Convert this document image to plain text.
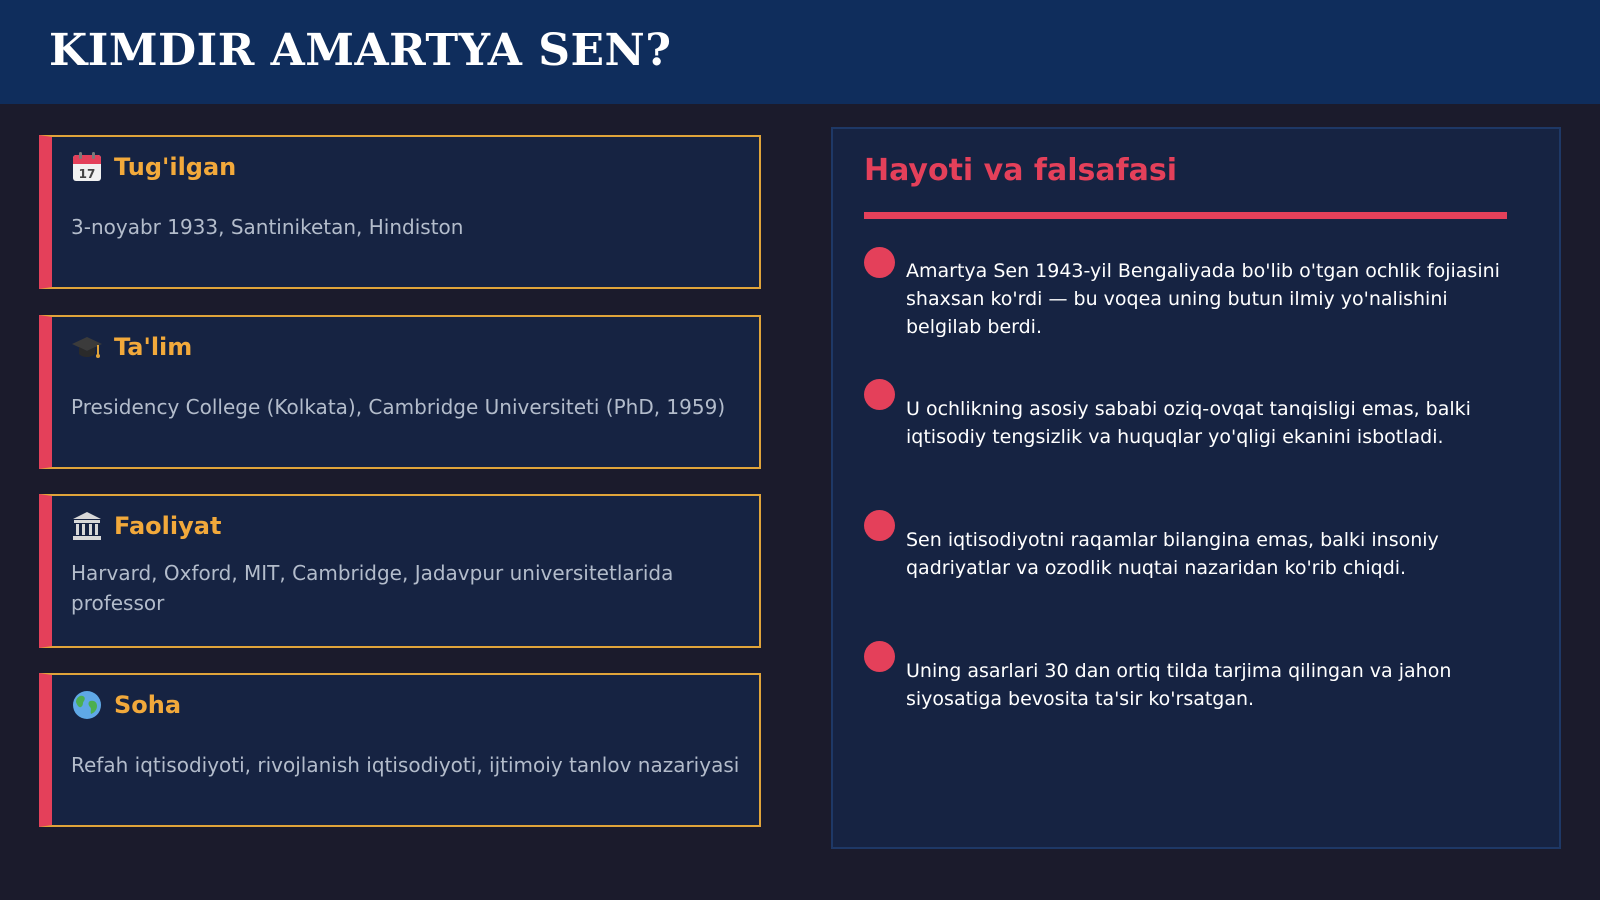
KIMDIR AMARTYA SEN?
17 Tug'ilgan
3-noyabr 1933, Santiniketan, Hindiston
Ta'lim
Presidency College (Kolkata), Cambridge Universiteti (PhD, 1959)
Faoliyat
Harvard, Oxford, MIT, Cambridge, Jadavpur universitetlarida professor
Soha
Refah iqtisodiyoti, rivojlanish iqtisodiyoti, ijtimoiy tanlov nazariyasi
Hayoti va falsafasi
Amartya Sen 1943-yil Bengaliyada bo'lib o'tgan ochlik fojiasini shaxsan ko'rdi — bu voqea uning butun ilmiy yo'nalishini belgilab berdi.
U ochlikning asosiy sababi oziq-ovqat tanqisligi emas, balki iqtisodiy tengsizlik va huquqlar yo'qligi ekanini isbotladi.
Sen iqtisodiyotni raqamlar bilangina emas, balki insoniy qadriyatlar va ozodlik nuqtai nazaridan ko'rib chiqdi.
Uning asarlari 30 dan ortiq tilda tarjima qilingan va jahon siyosatiga bevosita ta'sir ko'rsatgan.
